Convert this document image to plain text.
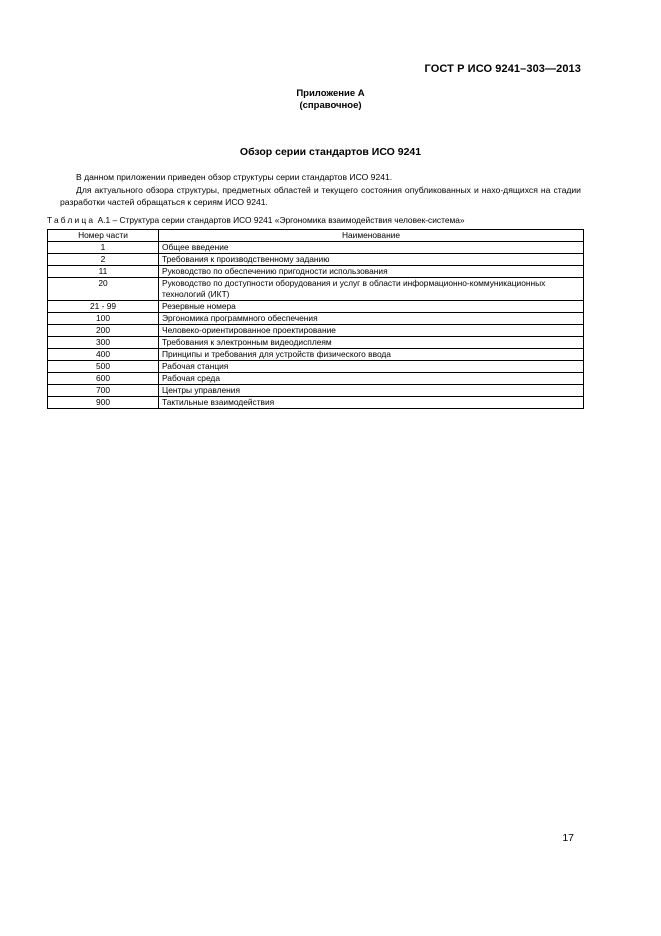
ГОСТ Р ИСО 9241–303—2013
Приложение А
(справочное)
Обзор серии стандартов ИСО 9241

В данном приложении приведен обзор структуры серии стандартов ИСО 9241.

Для актуального обзора структуры, предметных областей и текущего состояния опубликованных и нахо-дящихся на стадии разработки частей обращаться к сериям ИСО 9241.

Таблица А.1 – Структура серии стандартов ИСО 9241 «Эргономика взаимодействия человек-система»
Номер части	Наименование
1	Общее введение
2	Требования к производственному заданию
11	Руководство по обеспечению пригодности использования
20	Руководство по доступности оборудования и услуг в области информационно-коммуникационных технологий (ИКТ)
21 - 99	Резервные номера
100	Эргономика программного обеспечения
200	Человеко-ориентированное проектирование
300	Требования к электронным видеодисплеям
400	Принципы и требования для устройств физического ввода
500	Рабочая станция
600	Рабочая среда
700	Центры управления
900	Тактильные взаимодействия
17
